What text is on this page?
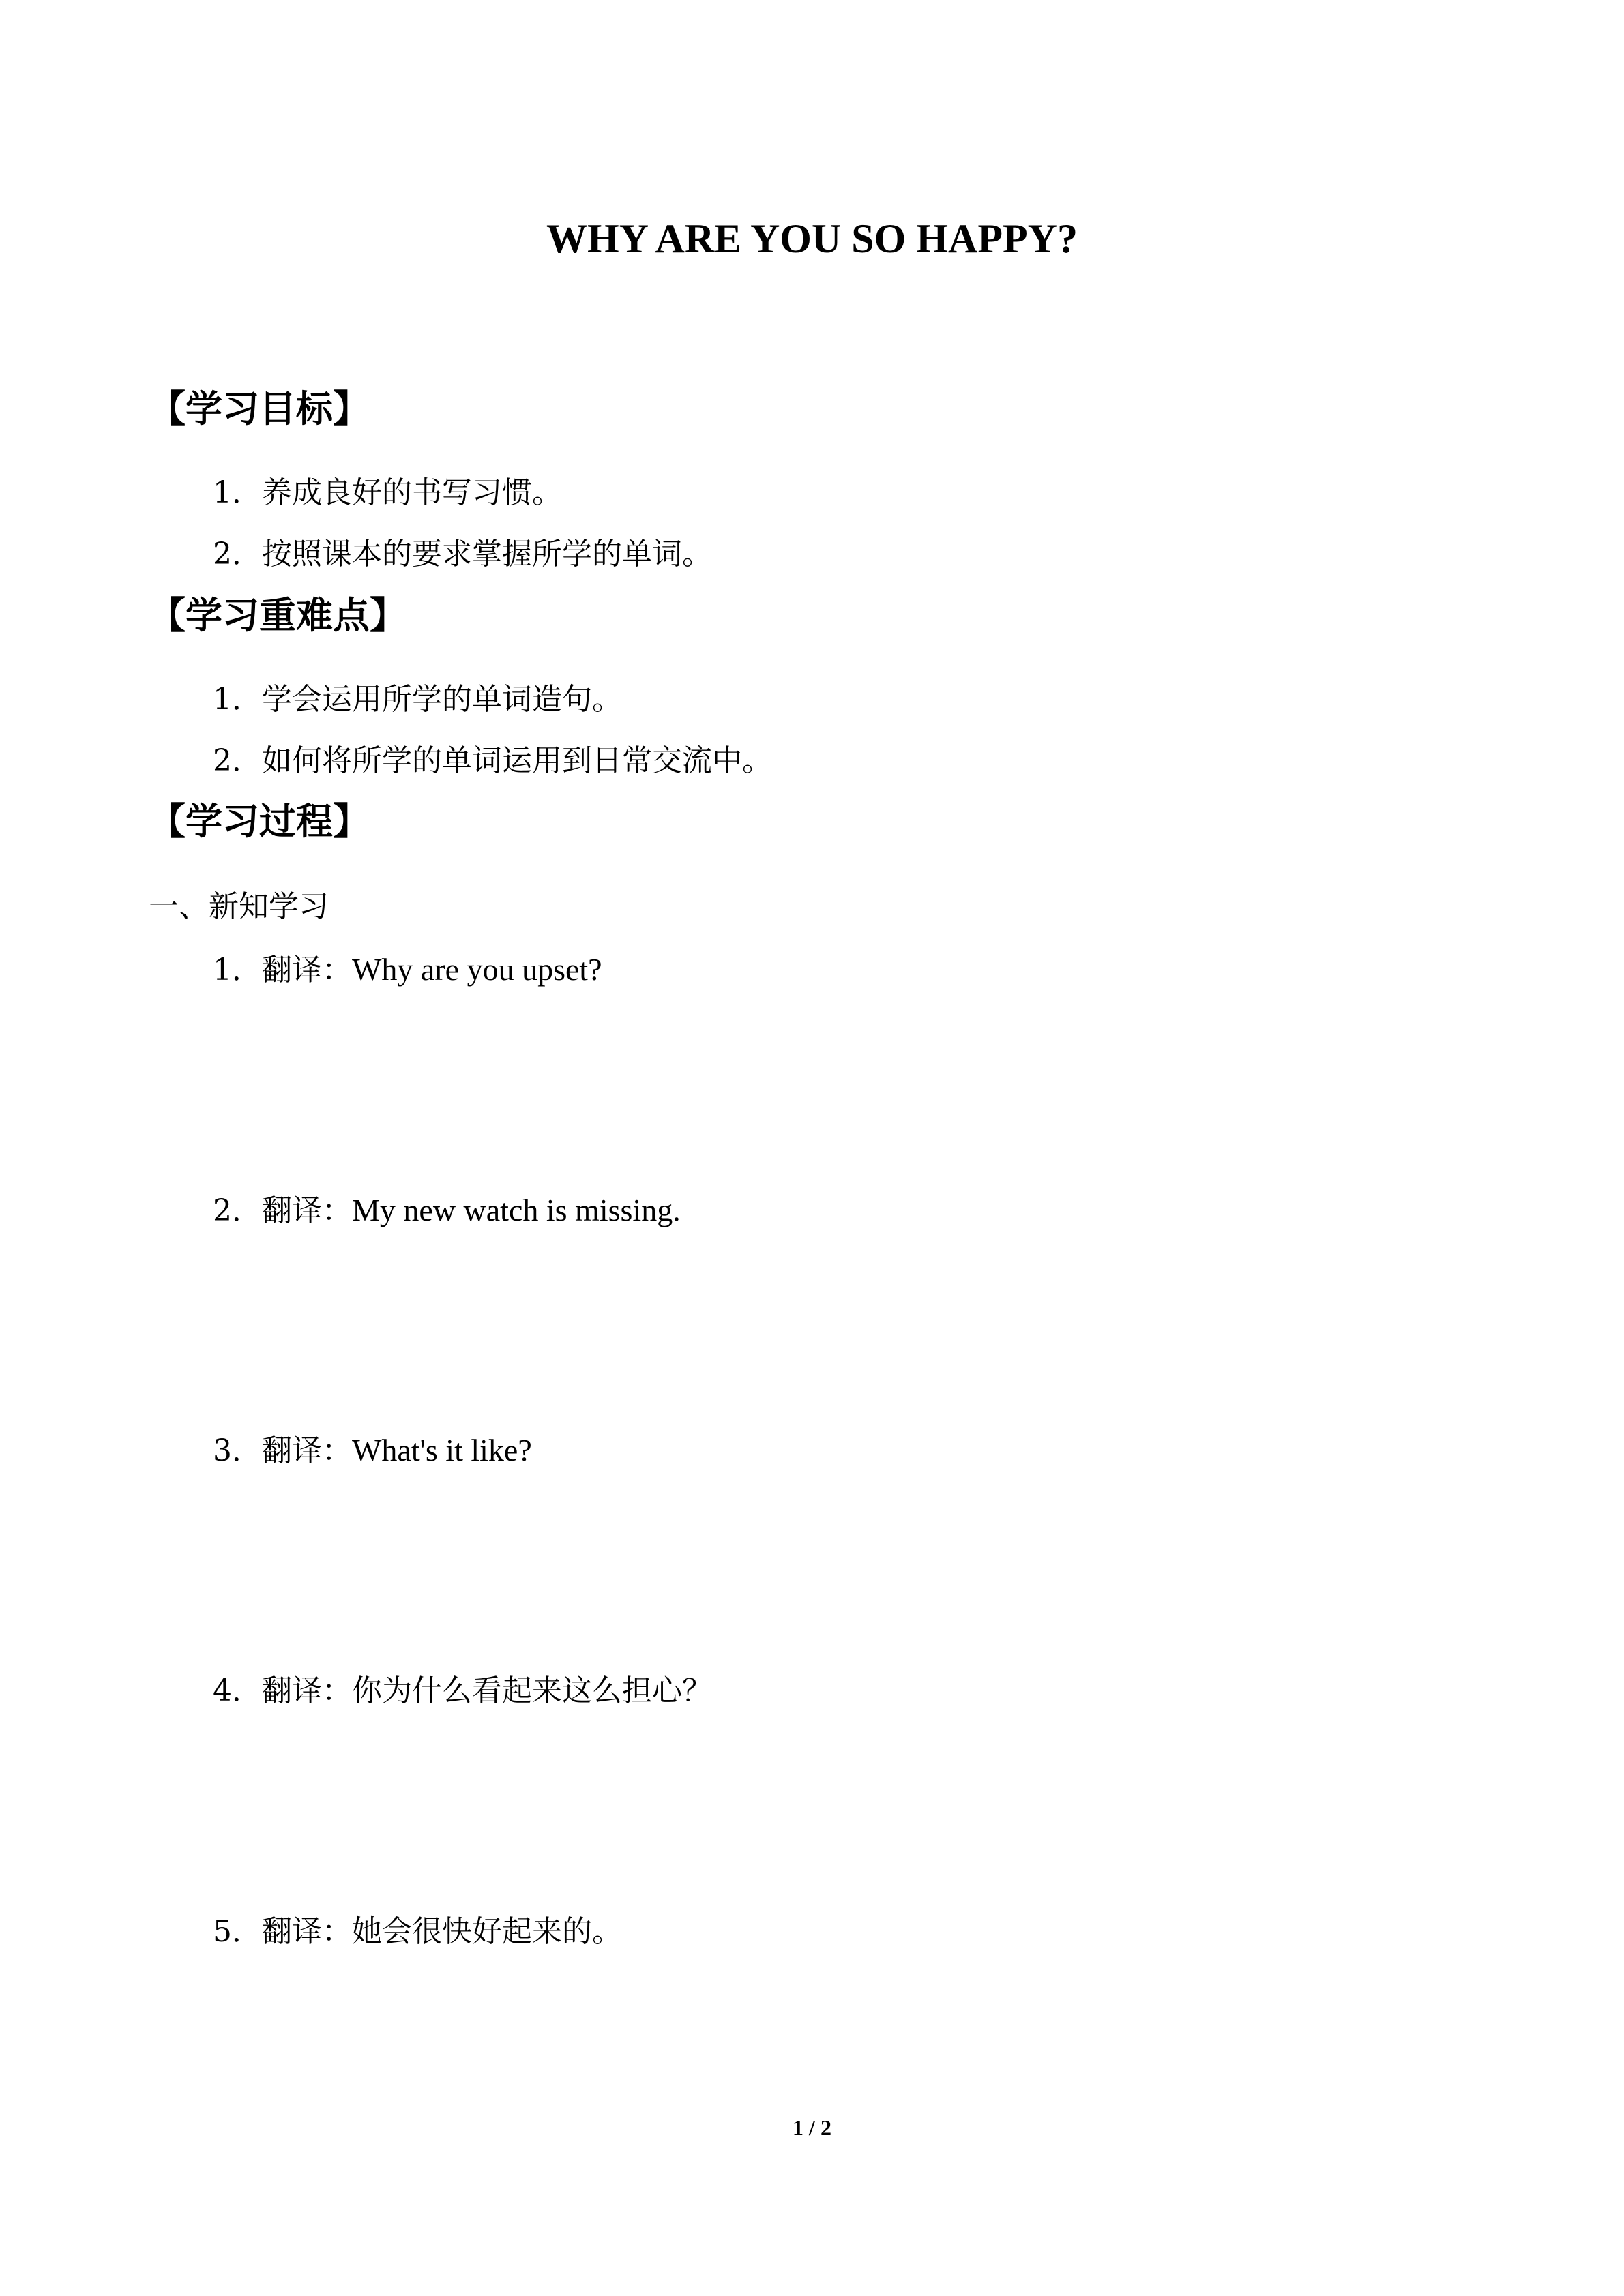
WHY ARE YOU SO HAPPY?
【学习目标】
1．养成良好的书写习惯。
2．按照课本的要求掌握所学的单词。
【学习重难点】
1．学会运用所学的单词造句。
2．如何将所学的单词运用到日常交流中。
【学习过程】
一、新知学习
1．翻译：Why are you upset?
2．翻译：My new watch is missing.
3．翻译：What's it like?
4．翻译：你为什么看起来这么担心？
5．翻译：她会很快好起来的。
1 / 2
